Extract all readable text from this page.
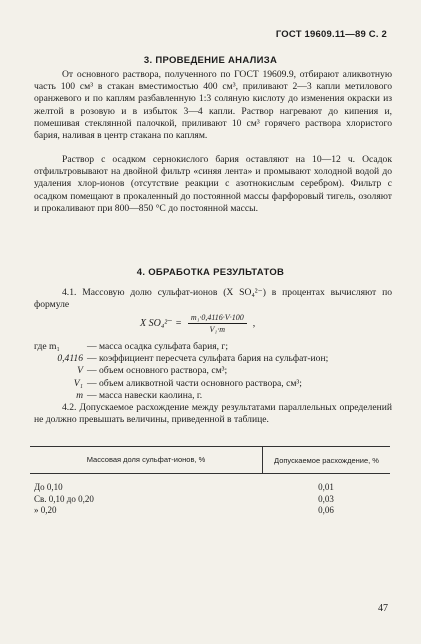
ГОСТ 19609.11—89 С. 2
3. ПРОВЕДЕНИЕ АНАЛИЗА
От основного раствора, полученного по ГОСТ 19609.9, отбирают аликвотную часть 100 см³ в стакан вместимостью 400 см³, приливают 2—3 капли метилового оранжевого и по каплям разбавленную 1:3 соляную кислоту до изменения окраски из желтой в розовую и в избыток 3—4 капли. Раствор нагревают до кипения и, помешивая стеклянной палочкой, приливают 10 см³ горячего раствора хлористого бария, наливая в центр стакана по каплям.
Раствор с осадком сернокислого бария оставляют на 10—12 ч. Осадок отфильтровывают на двойной фильтр «синяя лента» и промывают холодной водой до удаления хлор-ионов (отсутствие реакции с азотнокислым серебром). Фильтр с осадком помещают в прокаленный до постоянной массы фарфоровый тигель, озоляют и прокаливают при 800—850 °С до постоянной массы.
4. ОБРАБОТКА РЕЗУЛЬТАТОВ
4.1. Массовую долю сульфат-ионов (X SO₄²⁻) в процентах вычисляют по формуле
X $SO_4^{2-} = \frac{\text{m₁·0,4116·V·100}}{\text{V₁·m}}$ ,
где m₁	— масса осадка сульфата бария, г;
0,4116 — коэффициент пересчета сульфата бария на сульфат-ион;
V — объем основного раствора, см³;
V₁ — объем аликвотной части основного раствора, см³;
m — масса навески каолина, г.
4.2. Допускаемое расхождение между результатами параллельных определений не должно превышать величины, приведенной в таблице.
Массовая доля сульфат-ионов, %	Допускаемое расхождение, %
До 0,10
Св. 0,10 до 0,20
» 0,20
0,01
0,03
0,06
47
